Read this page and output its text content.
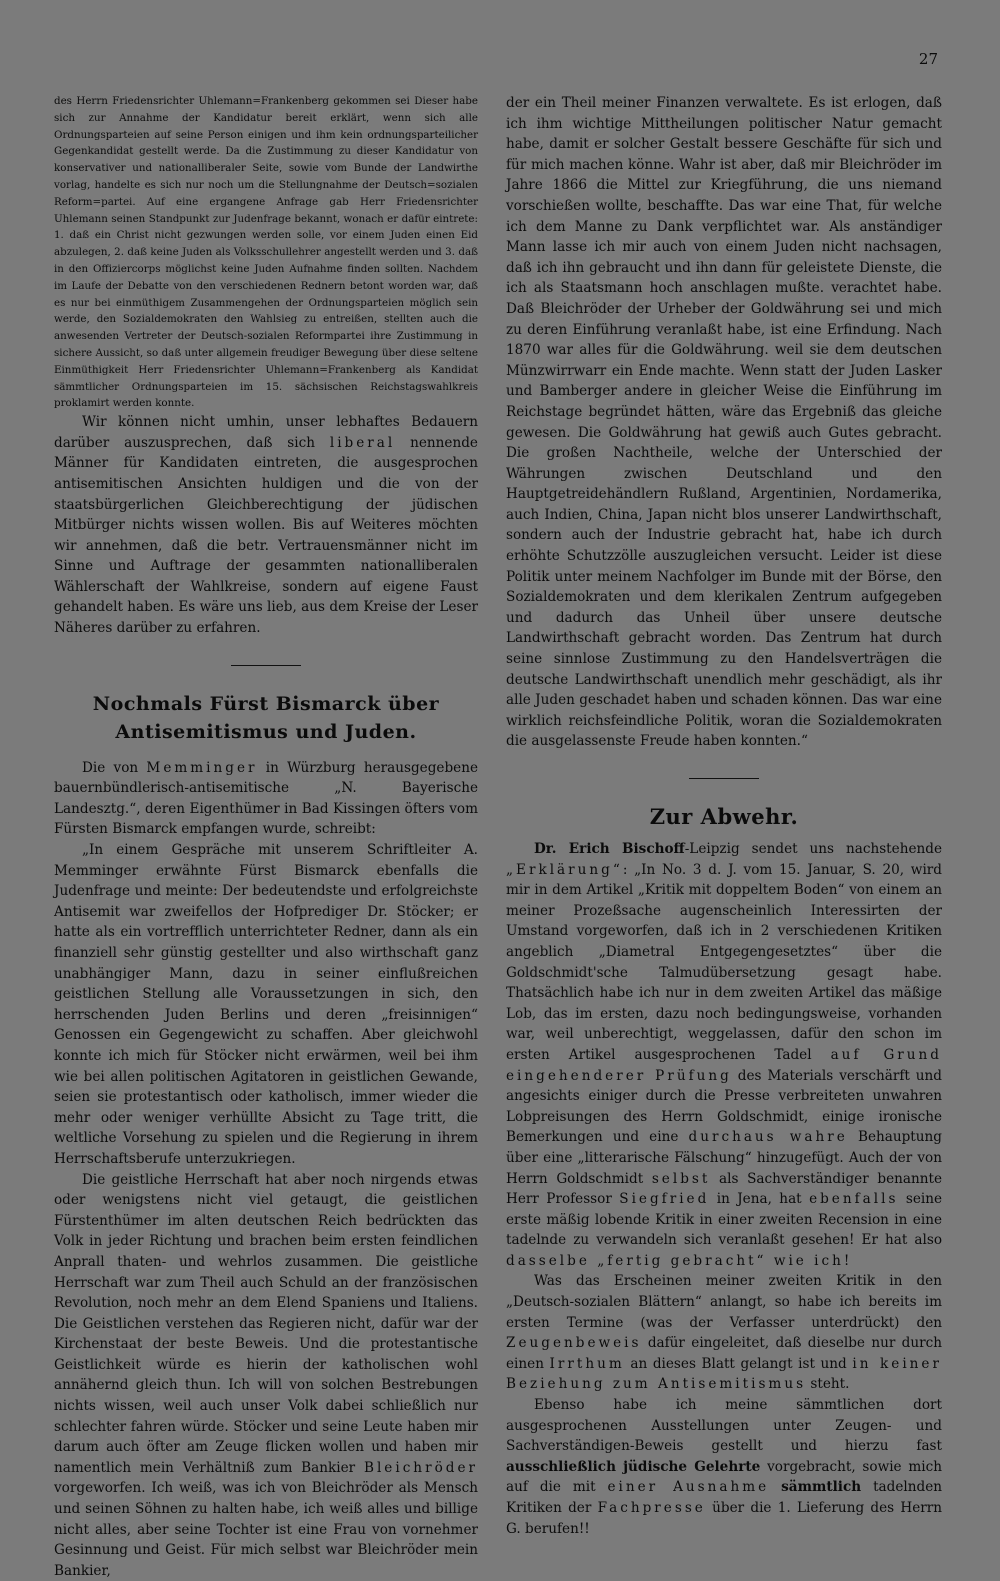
27

des Herrn Friedensrichter Uhlemann=Frankenberg gekommen sei Dieser habe sich zur Annahme der Kandidatur bereit erklärt, wenn sich alle Ordnungsparteien auf seine Person einigen und ihm kein ordnungsparteilicher Gegenkandidat gestellt werde. Da die Zustimmung zu dieser Kandidatur von konservativer und nationalliberaler Seite, sowie vom Bunde der Landwirthe vorlag, handelte es sich nur noch um die Stellungnahme der Deutsch=sozialen Reform=partei. Auf eine ergangene Anfrage gab Herr Friedensrichter Uhlemann seinen Standpunkt zur Judenfrage bekannt, wonach er dafür eintrete: 1. daß ein Christ nicht gezwungen werden solle, vor einem Juden einen Eid abzulegen, 2. daß keine Juden als Volksschullehrer angestellt werden und 3. daß in den Offiziercorps möglichst keine Juden Aufnahme finden sollten. Nachdem im Laufe der Debatte von den verschiedenen Rednern betont worden war, daß es nur bei einmüthigem Zusammengehen der Ordnungsparteien möglich sein werde, den Sozialdemokraten den Wahlsieg zu entreißen, stellten auch die anwesenden Vertreter der Deutsch-sozialen Reformpartei ihre Zustimmung in sichere Aussicht, so daß unter allgemein freudiger Bewegung über diese seltene Einmüthigkeit Herr Friedensrichter Uhlemann=Frankenberg als Kandidat sämmtlicher Ordnungsparteien im 15. sächsischen Reichstagswahlkreis proklamirt werden konnte.

Wir können nicht umhin, unser lebhaftes Bedauern darüber auszusprechen, daß sich liberal nennende Männer für Kandidaten eintreten, die ausgesprochen antisemitischen Ansichten huldigen und die von der staatsbürgerlichen Gleichberechtigung der jüdischen Mitbürger nichts wissen wollen. Bis auf Weiteres möchten wir annehmen, daß die betr. Vertrauensmänner nicht im Sinne und Auftrage der gesammten nationalliberalen Wählerschaft der Wahlkreise, sondern auf eigene Faust gehandelt haben. Es wäre uns lieb, aus dem Kreise der Leser Näheres darüber zu erfahren.

Nochmals Fürst Bismarck über Antisemitismus und Juden.

Die von Memminger in Würzburg herausgegebene bauernbündlerisch-antisemitische „N. Bayerische Landesztg.“, deren Eigenthümer in Bad Kissingen öfters vom Fürsten Bismarck empfangen wurde, schreibt:

„In einem Gespräche mit unserem Schriftleiter A. Memminger erwähnte Fürst Bismarck ebenfalls die Judenfrage und meinte: Der bedeutendste und erfolgreichste Antisemit war zweifellos der Hofprediger Dr. Stöcker; er hatte als ein vortrefflich unterrichteter Redner, dann als ein finanziell sehr günstig gestellter und also wirthschaft ganz unabhängiger Mann, dazu in seiner einflußreichen geistlichen Stellung alle Voraussetzungen in sich, den herrschenden Juden Berlins und deren „freisinnigen“ Genossen ein Gegengewicht zu schaffen. Aber gleichwohl konnte ich mich für Stöcker nicht erwärmen, weil bei ihm wie bei allen politischen Agitatoren in geistlichen Gewande, seien sie protestantisch oder katholisch, immer wieder die mehr oder weniger verhüllte Absicht zu Tage tritt, die weltliche Vorsehung zu spielen und die Regierung in ihrem Herrschaftsberufe unterzukriegen.

Die geistliche Herrschaft hat aber noch nirgends etwas oder wenigstens nicht viel getaugt, die geistlichen Fürstenthümer im alten deutschen Reich bedrückten das Volk in jeder Richtung und brachen beim ersten feindlichen Anprall thaten- und wehrlos zusammen. Die geistliche Herrschaft war zum Theil auch Schuld an der französischen Revolution, noch mehr an dem Elend Spaniens und Italiens. Die Geistlichen verstehen das Regieren nicht, dafür war der Kirchenstaat der beste Beweis. Und die protestantische Geistlichkeit würde es hierin der katholischen wohl annähernd gleich thun. Ich will von solchen Bestrebungen nichts wissen, weil auch unser Volk dabei schließlich nur schlechter fahren würde. Stöcker und seine Leute haben mir darum auch öfter am Zeuge flicken wollen und haben mir namentlich mein Verhältniß zum Bankier Bleichröder vorgeworfen. Ich weiß, was ich von Bleichröder als Mensch und seinen Söhnen zu halten habe, ich weiß alles und billige nicht alles, aber seine Tochter ist eine Frau von vornehmer Gesinnung und Geist. Für mich selbst war Bleichröder mein Bankier,

der ein Theil meiner Finanzen verwaltete. Es ist erlogen, daß ich ihm wichtige Mittheilungen politischer Natur gemacht habe, damit er solcher Gestalt bessere Geschäfte für sich und für mich machen könne. Wahr ist aber, daß mir Bleichröder im Jahre 1866 die Mittel zur Kriegführung, die uns niemand vorschießen wollte, beschaffte. Das war eine That, für welche ich dem Manne zu Dank verpflichtet war. Als anständiger Mann lasse ich mir auch von einem Juden nicht nachsagen, daß ich ihn gebraucht und ihn dann für geleistete Dienste, die ich als Staatsmann hoch anschlagen mußte. verachtet habe. Daß Bleichröder der Urheber der Goldwährung sei und mich zu deren Einführung veranlaßt habe, ist eine Erfindung. Nach 1870 war alles für die Goldwährung. weil sie dem deutschen Münzwirrwarr ein Ende machte. Wenn statt der Juden Lasker und Bamberger andere in gleicher Weise die Einführung im Reichstage begründet hätten, wäre das Ergebniß das gleiche gewesen. Die Goldwährung hat gewiß auch Gutes gebracht. Die großen Nachtheile, welche der Unterschied der Währungen zwischen Deutschland und den Hauptgetreidehändlern Rußland, Argentinien, Nordamerika, auch Indien, China, Japan nicht blos unserer Landwirthschaft, sondern auch der Industrie gebracht hat, habe ich durch erhöhte Schutzzölle auszugleichen versucht. Leider ist diese Politik unter meinem Nachfolger im Bunde mit der Börse, den Sozialdemokraten und dem klerikalen Zentrum aufgegeben und dadurch das Unheil über unsere deutsche Landwirthschaft gebracht worden. Das Zentrum hat durch seine sinnlose Zustimmung zu den Handelsverträgen die deutsche Landwirthschaft unendlich mehr geschädigt, als ihr alle Juden geschadet haben und schaden können. Das war eine wirklich reichsfeindliche Politik, woran die Sozialdemokraten die ausgelassenste Freude haben konnten.“

Zur Abwehr.

Dr. Erich Bischoff-Leipzig sendet uns nachstehende „Erklärung“: „In No. 3 d. J. vom 15. Januar, S. 20, wird mir in dem Artikel „Kritik mit doppeltem Boden“ von einem an meiner Prozeßsache augenscheinlich Interessirten der Umstand vorgeworfen, daß ich in 2 verschiedenen Kritiken angeblich „Diametral Entgegengesetztes“ über die Goldschmidt'sche Talmudübersetzung gesagt habe. Thatsächlich habe ich nur in dem zweiten Artikel das mäßige Lob, das im ersten, dazu noch bedingungsweise, vorhanden war, weil unberechtigt, weggelassen, dafür den schon im ersten Artikel ausgesprochenen Tadel auf Grund eingehenderer Prüfung des Materials verschärft und angesichts einiger durch die Presse verbreiteten unwahren Lobpreisungen des Herrn Goldschmidt, einige ironische Bemerkungen und eine durchaus wahre Behauptung über eine „litterarische Fälschung“ hinzugefügt. Auch der von Herrn Goldschmidt selbst als Sachverständiger benannte Herr Professor Siegfried in Jena, hat ebenfalls seine erste mäßig lobende Kritik in einer zweiten Recension in eine tadelnde zu verwandeln sich veranlaßt gesehen! Er hat also dasselbe „fertig gebracht“ wie ich!

Was das Erscheinen meiner zweiten Kritik in den „Deutsch-sozialen Blättern“ anlangt, so habe ich bereits im ersten Termine (was der Verfasser unterdrückt) den Zeugenbeweis dafür eingeleitet, daß dieselbe nur durch einen Irrthum an dieses Blatt gelangt ist und in keiner Beziehung zum Antisemitismus steht.

Ebenso habe ich meine sämmtlichen dort ausgesprochenen Ausstellungen unter Zeugen- und Sachverständigen-Beweis gestellt und hierzu fast ausschließlich jüdische Gelehrte vorgebracht, sowie mich auf die mit einer Ausnahme sämmtlich tadelnden Kritiken der Fachpresse über die 1. Lieferung des Herrn G. berufen!!
